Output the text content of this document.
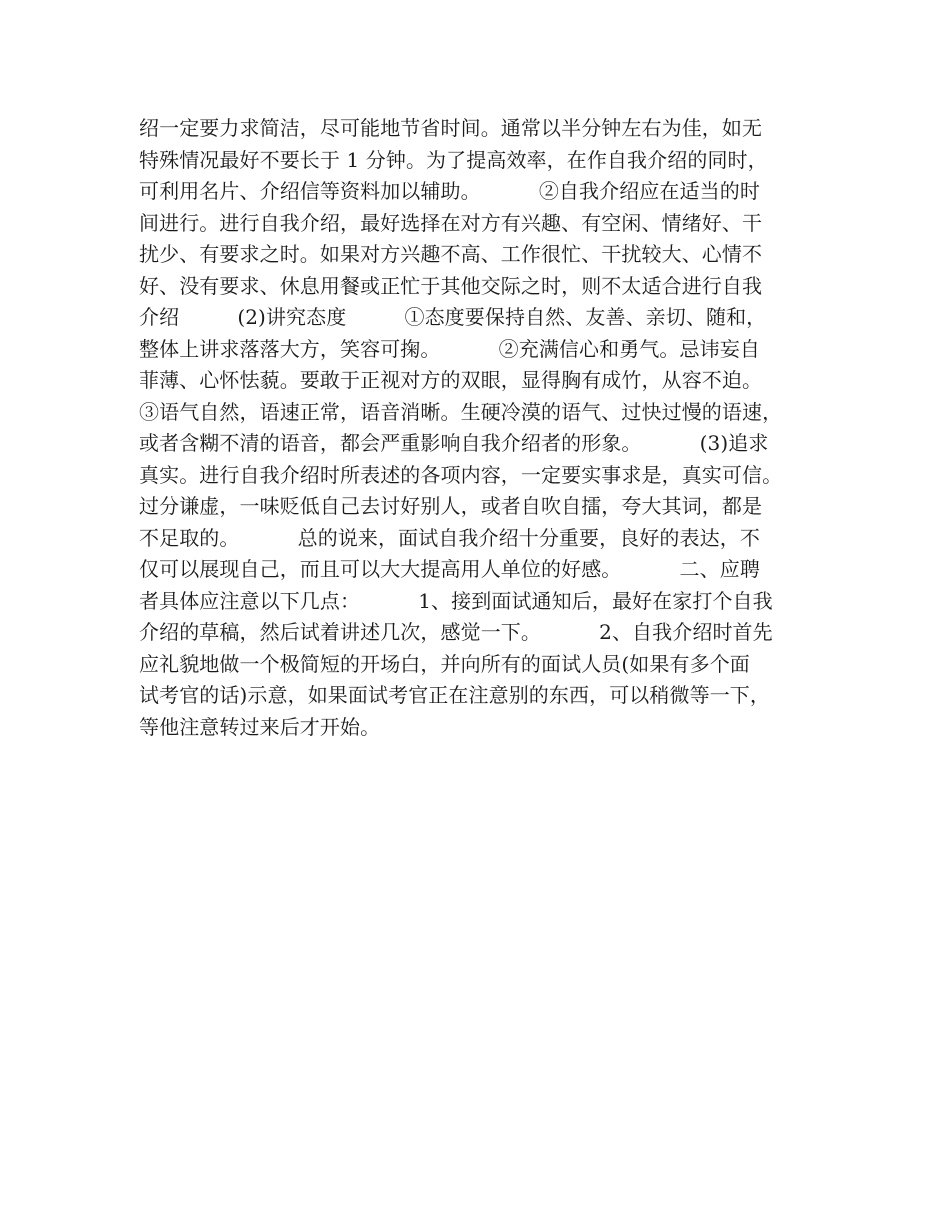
绍一定要力求简洁，尽可能地节省时间。通常以半分钟左右为佳，如无
特殊情况最好不要长于 1 分钟。为了提高效率，在作自我介绍的同时，
可利用名片、介绍信等资料加以辅助。         ②自我介绍应在适当的时
间进行。进行自我介绍，最好选择在对方有兴趣、有空闲、情绪好、干
扰少、有要求之时。如果对方兴趣不高、工作很忙、干扰较大、心情不
好、没有要求、休息用餐或正忙于其他交际之时，则不太适合进行自我
介绍         (2)讲究态度         ①态度要保持自然、友善、亲切、随和，
整体上讲求落落大方，笑容可掬。         ②充满信心和勇气。忌讳妄自
菲薄、心怀怯藐。要敢于正视对方的双眼，显得胸有成竹，从容不迫。
③语气自然，语速正常，语音消晰。生硬冷漠的语气、过快过慢的语速，
或者含糊不清的语音，都会严重影响自我介绍者的形象。         (3)追求
真实。进行自我介绍时所表述的各项内容，一定要实事求是，真实可信。
过分谦虚，一味贬低自己去讨好别人，或者自吹自擂，夸大其词，都是
不足取的。         总的说来，面试自我介绍十分重要，良好的表达，不
仅可以展现自己，而且可以大大提高用人单位的好感。         二、应聘
者具体应注意以下几点：         1、接到面试通知后，最好在家打个自我
介绍的草稿，然后试着讲述几次，感觉一下。         2、自我介绍时首先
应礼貌地做一个极简短的开场白，并向所有的面试人员(如果有多个面
试考官的话)示意，如果面试考官正在注意别的东西，可以稍微等一下，
等他注意转过来后才开始。
